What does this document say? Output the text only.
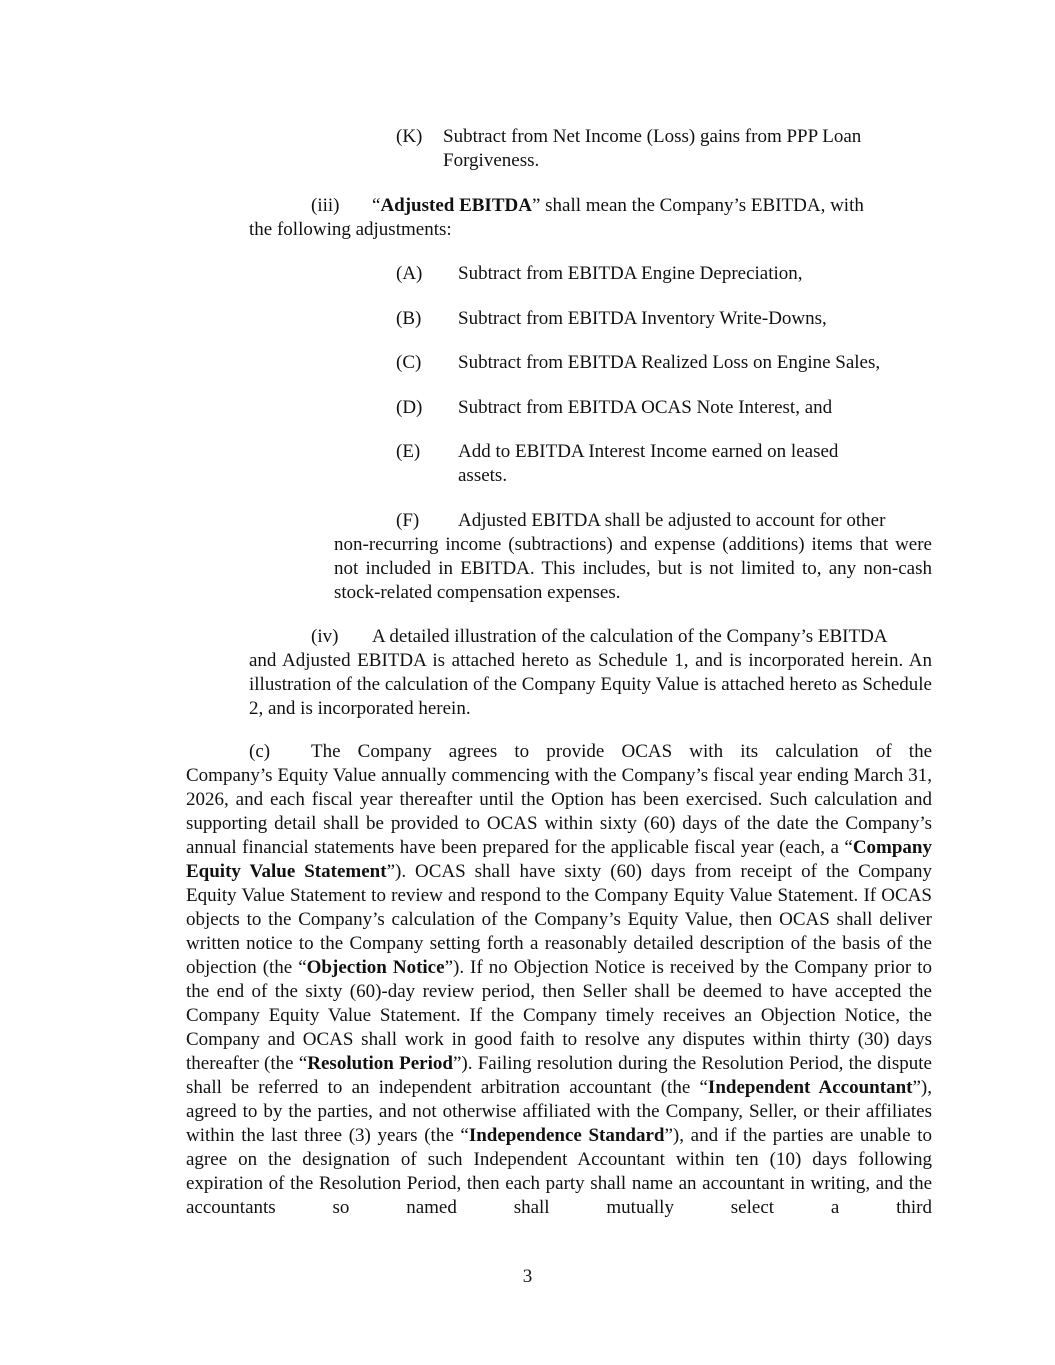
(K) Subtract from Net Income (Loss) gains from PPP Loan Forgiveness.
(iii) “Adjusted EBITDA” shall mean the Company’s EBITDA, with
the following adjustments:
(A) Subtract from EBITDA Engine Depreciation,
(B) Subtract from EBITDA Inventory Write-Downs,
(C) Subtract from EBITDA Realized Loss on Engine Sales,
(D) Subtract from EBITDA OCAS Note Interest, and
(E) Add to EBITDA Interest Income earned on leased assets.
(F) Adjusted EBITDA shall be adjusted to account for other
non-recurring income (subtractions) and expense (additions) items that were not included in EBITDA. This includes, but is not limited to, any non-cash stock-related compensation expenses.
(iv) A detailed illustration of the calculation of the Company’s EBITDA
and Adjusted EBITDA is attached hereto as Schedule 1, and is incorporated herein. An illustration of the calculation of the Company Equity Value is attached hereto as Schedule 2, and is incorporated herein.
(c) The Company agrees to provide OCAS with its calculation of the
Company’s Equity Value annually commencing with the Company’s fiscal year ending March 31, 2026, and each fiscal year thereafter until the Option has been exercised. Such calculation and supporting detail shall be provided to OCAS within sixty (60) days of the date the Company’s annual financial statements have been prepared for the applicable fiscal year (each, a “Company Equity Value Statement”). OCAS shall have sixty (60) days from receipt of the Company Equity Value Statement to review and respond to the Company Equity Value Statement. If OCAS objects to the Company’s calculation of the Company’s Equity Value, then OCAS shall deliver written notice to the Company setting forth a reasonably detailed description of the basis of the objection (the “Objection Notice”). If no Objection Notice is received by the Company prior to the end of the sixty (60)-day review period, then Seller shall be deemed to have accepted the Company Equity Value Statement. If the Company timely receives an Objection Notice, the Company and OCAS shall work in good faith to resolve any disputes within thirty (30) days thereafter (the “Resolution Period”). Failing resolution during the Resolution Period, the dispute shall be referred to an independent arbitration accountant (the “Independent Accountant”), agreed to by the parties, and not otherwise affiliated with the Company, Seller, or their affiliates within the last three (3) years (the “Independence Standard”), and if the parties are unable to agree on the designation of such Independent Accountant within ten (10) days following expiration of the Resolution Period, then each party shall name an accountant in writing, and the accountants so named shall mutually select a third
3
